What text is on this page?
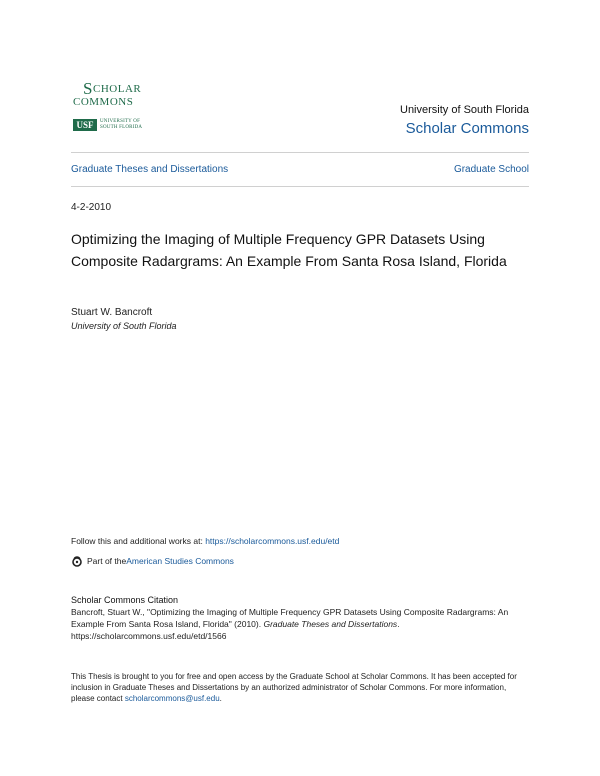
S CHOLAR
COMMONS
USF	UNIVERSITY OF
SOUTH FLORIDA
University of South Florida
Scholar Commons
Graduate Theses and Dissertations	Graduate School
4-2-2010
Optimizing the Imaging of Multiple Frequency GPR Datasets Using Composite Radargrams: An Example From Santa Rosa Island, Florida
Stuart W. Bancroft
University of South Florida
Follow this and additional works at: https://scholarcommons.usf.edu/etd
Part of the American Studies Commons
Scholar Commons Citation
Bancroft, Stuart W., "Optimizing the Imaging of Multiple Frequency GPR Datasets Using Composite Radargrams: An Example From Santa Rosa Island, Florida" (2010). Graduate Theses and Dissertations.
https://scholarcommons.usf.edu/etd/1566
This Thesis is brought to you for free and open access by the Graduate School at Scholar Commons. It has been accepted for inclusion in Graduate Theses and Dissertations by an authorized administrator of Scholar Commons. For more information, please contact scholarcommons@usf.edu.
